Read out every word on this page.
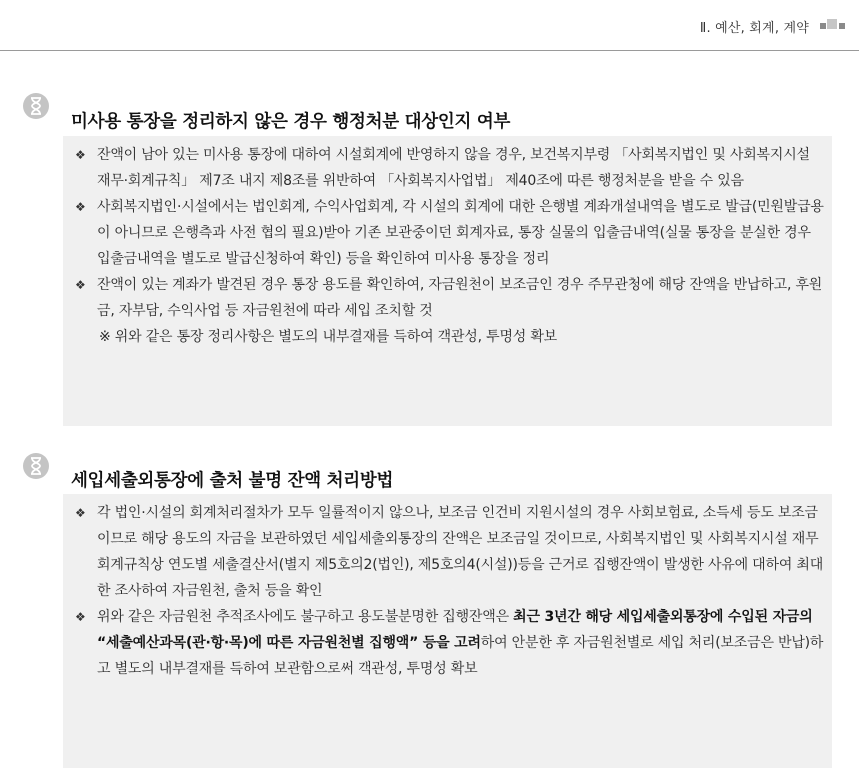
Ⅱ. 예산, 회계, 계약
미사용 통장을 정리하지 않은 경우 행정처분 대상인지 여부
❖ 잔액이 남아 있는 미사용 통장에 대하여 시설회계에 반영하지 않을 경우, 보건복지부령 「사회복지법인 및 사회복지시설 재무·회계규칙」 제7조 내지 제8조를 위반하여 「사회복지사업법」 제40조에 따른 행정처분을 받을 수 있음
❖ 사회복지법인·시설에서는 법인회계, 수익사업회계, 각 시설의 회계에 대한 은행별 계좌개설내역을 별도로 발급(민원발급용이 아니므로 은행측과 사전 협의 필요)받아 기존 보관중이던 회계자료, 통장 실물의 입출금내역(실물 통장을 분실한 경우 입출금내역을 별도로 발급신청하여 확인) 등을 확인하여 미사용 통장을 정리
❖ 잔액이 있는 계좌가 발견된 경우 통장 용도를 확인하여, 자금원천이 보조금인 경우 주무관청에 해당 잔액을 반납하고, 후원금, 자부담, 수익사업 등 자금원천에 따라 세입 조치할 것
※ 위와 같은 통장 정리사항은 별도의 내부결재를 득하여 객관성, 투명성 확보
세입세출외통장에 출처 불명 잔액 처리방법
❖ 각 법인·시설의 회계처리절차가 모두 일률적이지 않으나, 보조금 인건비 지원시설의 경우 사회보험료, 소득세 등도 보조금이므로 해당 용도의 자금을 보관하였던 세입세출외통장의 잔액은 보조금일 것이므로, 사회복지법인 및 사회복지시설 재무회계규칙상 연도별 세출결산서(별지 제5호의2(법인), 제5호의4(시설))등을 근거로 집행잔액이 발생한 사유에 대하여 최대한 조사하여 자금원천, 출처 등을 확인
❖ 위와 같은 자금원천 추적조사에도 불구하고 용도불분명한 집행잔액은 최근 3년간 해당 세입세출외통장에 수입된 자금의 “세출예산과목(관·항·목)에 따른 자금원천별 집행액” 등을 고려하여 안분한 후 자금원천별로 세입 처리(보조금은 반납)하고 별도의 내부결재를 득하여 보관함으로써 객관성, 투명성 확보
